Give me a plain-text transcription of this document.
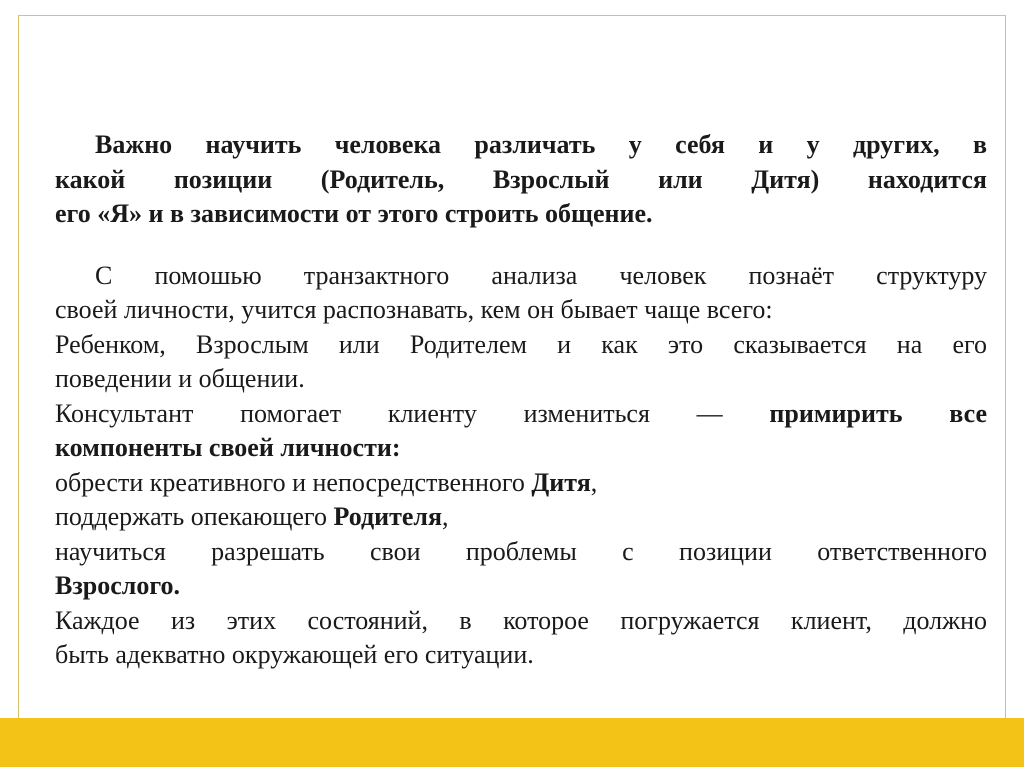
Важно научить человека различать у себя и у других, в

какой позиции (Родитель, Взрослый или Дитя) находится

его «Я» и в зависимости от этого строить общение.

С помошью транзактного анализа человек познаёт структуру

своей личности, учится распознавать, кем он бывает чаще всего:

Ребенком, Взрослым или Родителем и как это сказывается на его

поведении и общении.

Консультант помогает клиенту измениться — примирить все

компоненты своей личности:

обрести креативного и непосредственного Дитя,

поддержать опекающего Родителя,

научиться разрешать свои проблемы с позиции ответственного

Взрослого.

Каждое из этих состояний, в которое погружается клиент, должно

быть адекватно окружающей его ситуации.
